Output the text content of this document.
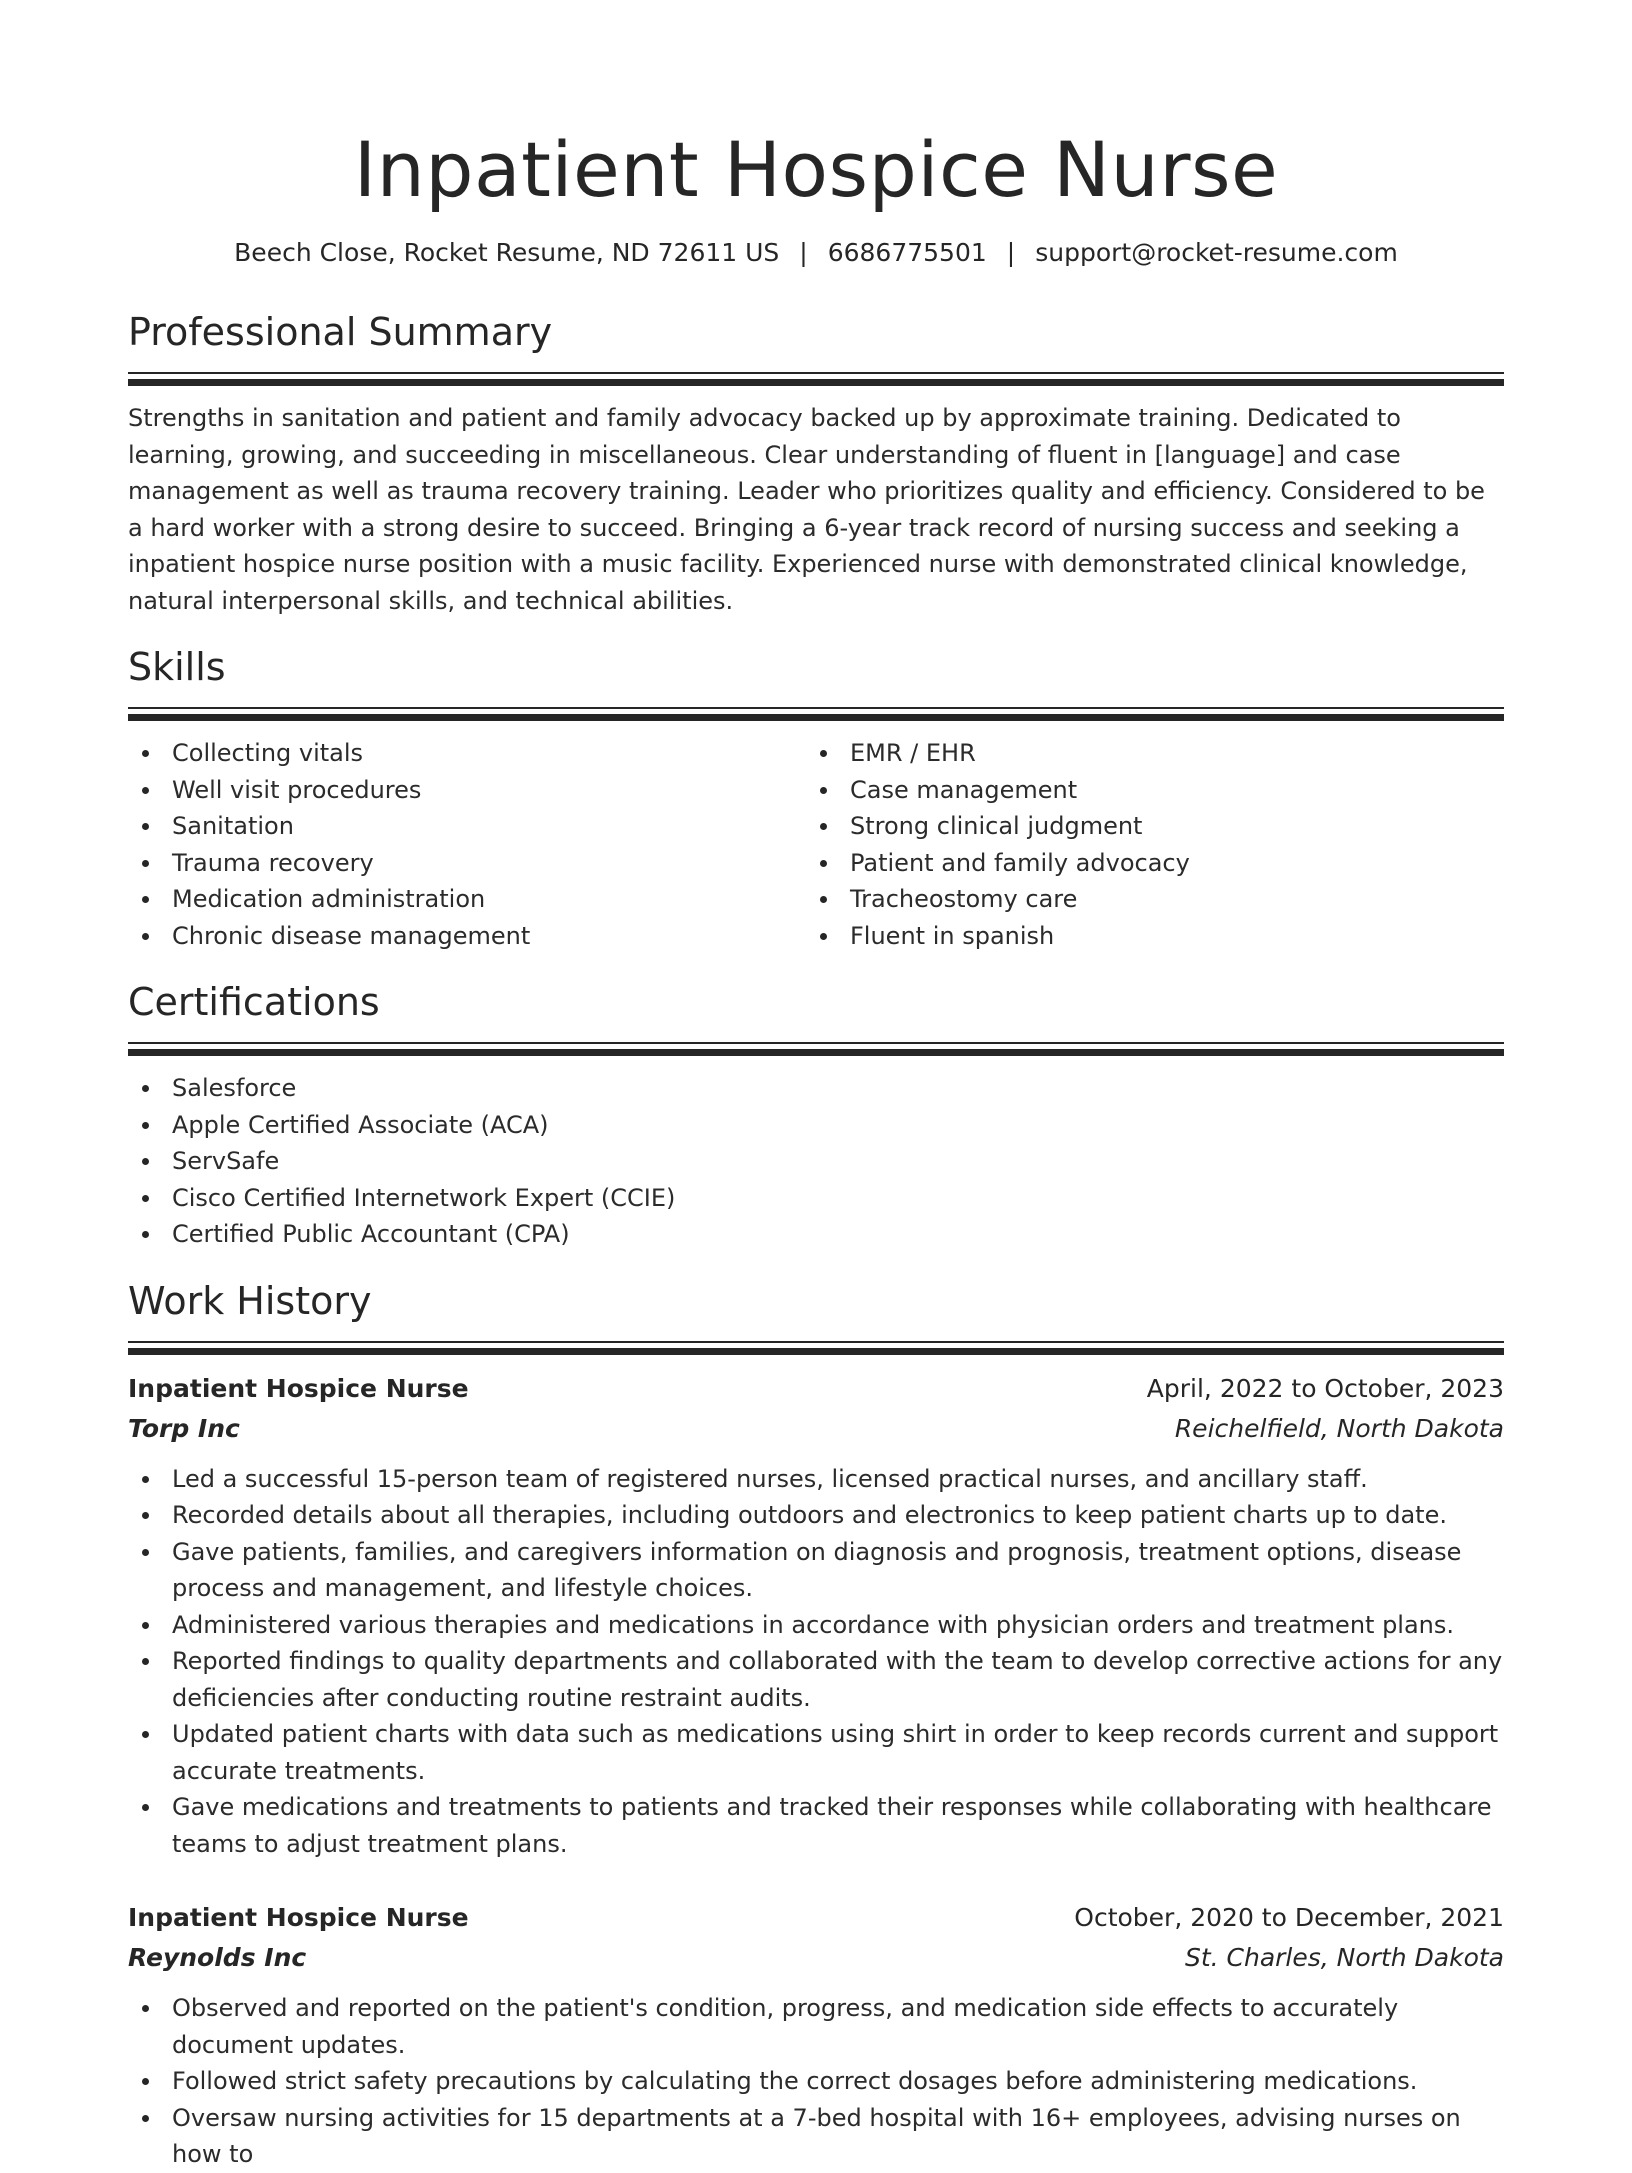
Inpatient Hospice Nurse
Beech Close, Rocket Resume, ND 72611 US | 6686775501 | support@rocket-resume.com
Professional Summary

Strengths in sanitation and patient and family advocacy backed up by approximate training. Dedicated to learning, growing, and succeeding in miscellaneous. Clear understanding of fluent in [language] and case management as well as trauma recovery training. Leader who prioritizes quality and efficiency. Considered to be a hard worker with a strong desire to succeed. Bringing a 6-year track record of nursing success and seeking a inpatient hospice nurse position with a music facility. Experienced nurse with demonstrated clinical knowledge, natural interpersonal skills, and technical abilities.

Skills
Collecting vitals
Well visit procedures
Sanitation
Trauma recovery
Medication administration
Chronic disease management
EMR / EHR
Case management
Strong clinical judgment
Patient and family advocacy
Tracheostomy care
Fluent in spanish
Certifications
Salesforce
Apple Certified Associate (ACA)
ServSafe
Cisco Certified Internetwork Expert (CCIE)
Certified Public Accountant (CPA)
Work History
Inpatient Hospice Nurse	April, 2022 to October, 2023
Torp Inc	Reichelfield, North Dakota
Led a successful 15-person team of registered nurses, licensed practical nurses, and ancillary staff.
Recorded details about all therapies, including outdoors and electronics to keep patient charts up to date.
Gave patients, families, and caregivers information on diagnosis and prognosis, treatment options, disease process and management, and lifestyle choices.
Administered various therapies and medications in accordance with physician orders and treatment plans.
Reported findings to quality departments and collaborated with the team to develop corrective actions for any deficiencies after conducting routine restraint audits.
Updated patient charts with data such as medications using shirt in order to keep records current and support accurate treatments.
Gave medications and treatments to patients and tracked their responses while collaborating with healthcare teams to adjust treatment plans.
Inpatient Hospice Nurse	October, 2020 to December, 2021
Reynolds Inc	St. Charles, North Dakota
Observed and reported on the patient's condition, progress, and medication side effects to accurately document updates.
Followed strict safety precautions by calculating the correct dosages before administering medications.
Oversaw nursing activities for 15 departments at a 7-bed hospital with 16+ employees, advising nurses on how to
